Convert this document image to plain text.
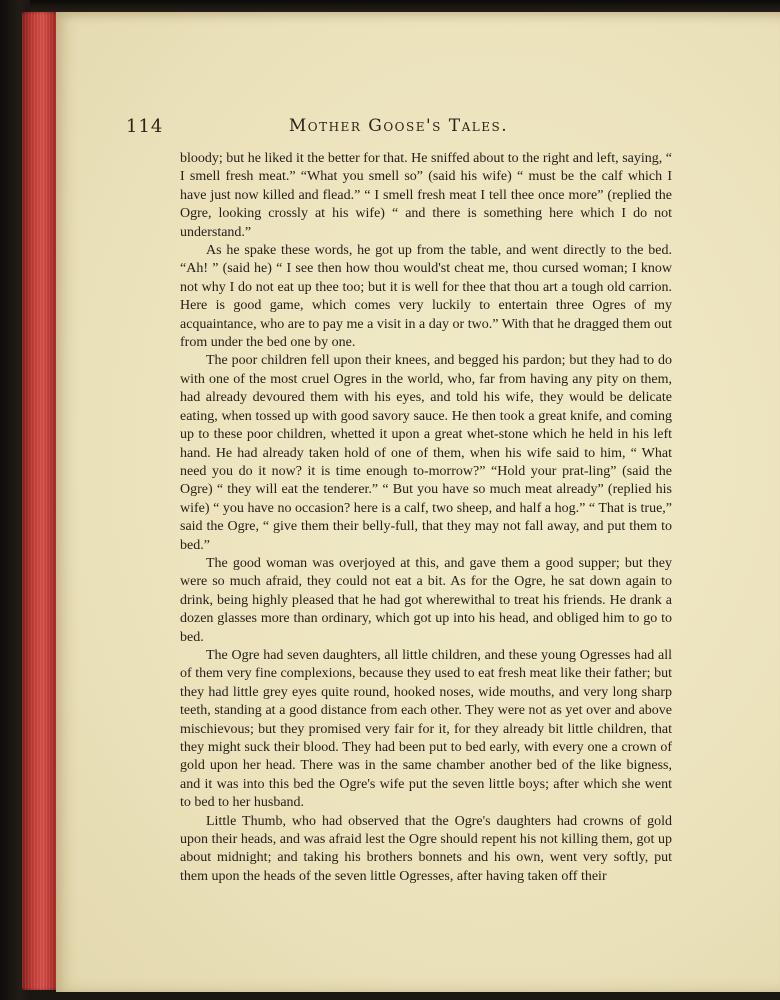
114	Mother Goose's Tales.

bloody; but he liked it the better for that. He sniffed about to the right and left, saying, “ I smell fresh meat.” “What you smell so” (said his wife) “ must be the calf which I have just now killed and flead.” “ I smell fresh meat I tell thee once more” (replied the Ogre, looking crossly at his wife) “ and there is something here which I do not understand.”

As he spake these words, he got up from the table, and went directly to the bed. “Ah! ” (said he) “ I see then how thou would'st cheat me, thou cursed woman; I know not why I do not eat up thee too; but it is well for thee that thou art a tough old carrion. Here is good game, which comes very luckily to entertain three Ogres of my acquaintance, who are to pay me a visit in a day or two.” With that he dragged them out from under the bed one by one.

The poor children fell upon their knees, and begged his pardon; but they had to do with one of the most cruel Ogres in the world, who, far from having any pity on them, had already devoured them with his eyes, and told his wife, they would be delicate eating, when tossed up with good savory sauce. He then took a great knife, and coming up to these poor children, whetted it upon a great whet-stone which he held in his left hand. He had already taken hold of one of them, when his wife said to him, “ What need you do it now? it is time enough to-morrow?” “Hold your prat-ling” (said the Ogre) “ they will eat the tenderer.” “ But you have so much meat already” (replied his wife) “ you have no occasion? here is a calf, two sheep, and half a hog.” “ That is true,” said the Ogre, “ give them their belly-full, that they may not fall away, and put them to bed.”

The good woman was overjoyed at this, and gave them a good supper; but they were so much afraid, they could not eat a bit. As for the Ogre, he sat down again to drink, being highly pleased that he had got wherewithal to treat his friends. He drank a dozen glasses more than ordinary, which got up into his head, and obliged him to go to bed.

The Ogre had seven daughters, all little children, and these young Ogresses had all of them very fine complexions, because they used to eat fresh meat like their father; but they had little grey eyes quite round, hooked noses, wide mouths, and very long sharp teeth, standing at a good distance from each other. They were not as yet over and above mischievous; but they promised very fair for it, for they already bit little children, that they might suck their blood. They had been put to bed early, with every one a crown of gold upon her head. There was in the same chamber another bed of the like bigness, and it was into this bed the Ogre's wife put the seven little boys; after which she went to bed to her husband.

Little Thumb, who had observed that the Ogre's daughters had crowns of gold upon their heads, and was afraid lest the Ogre should repent his not killing them, got up about midnight; and taking his brothers bonnets and his own, went very softly, put them upon the heads of the seven little Ogresses, after having taken off their
